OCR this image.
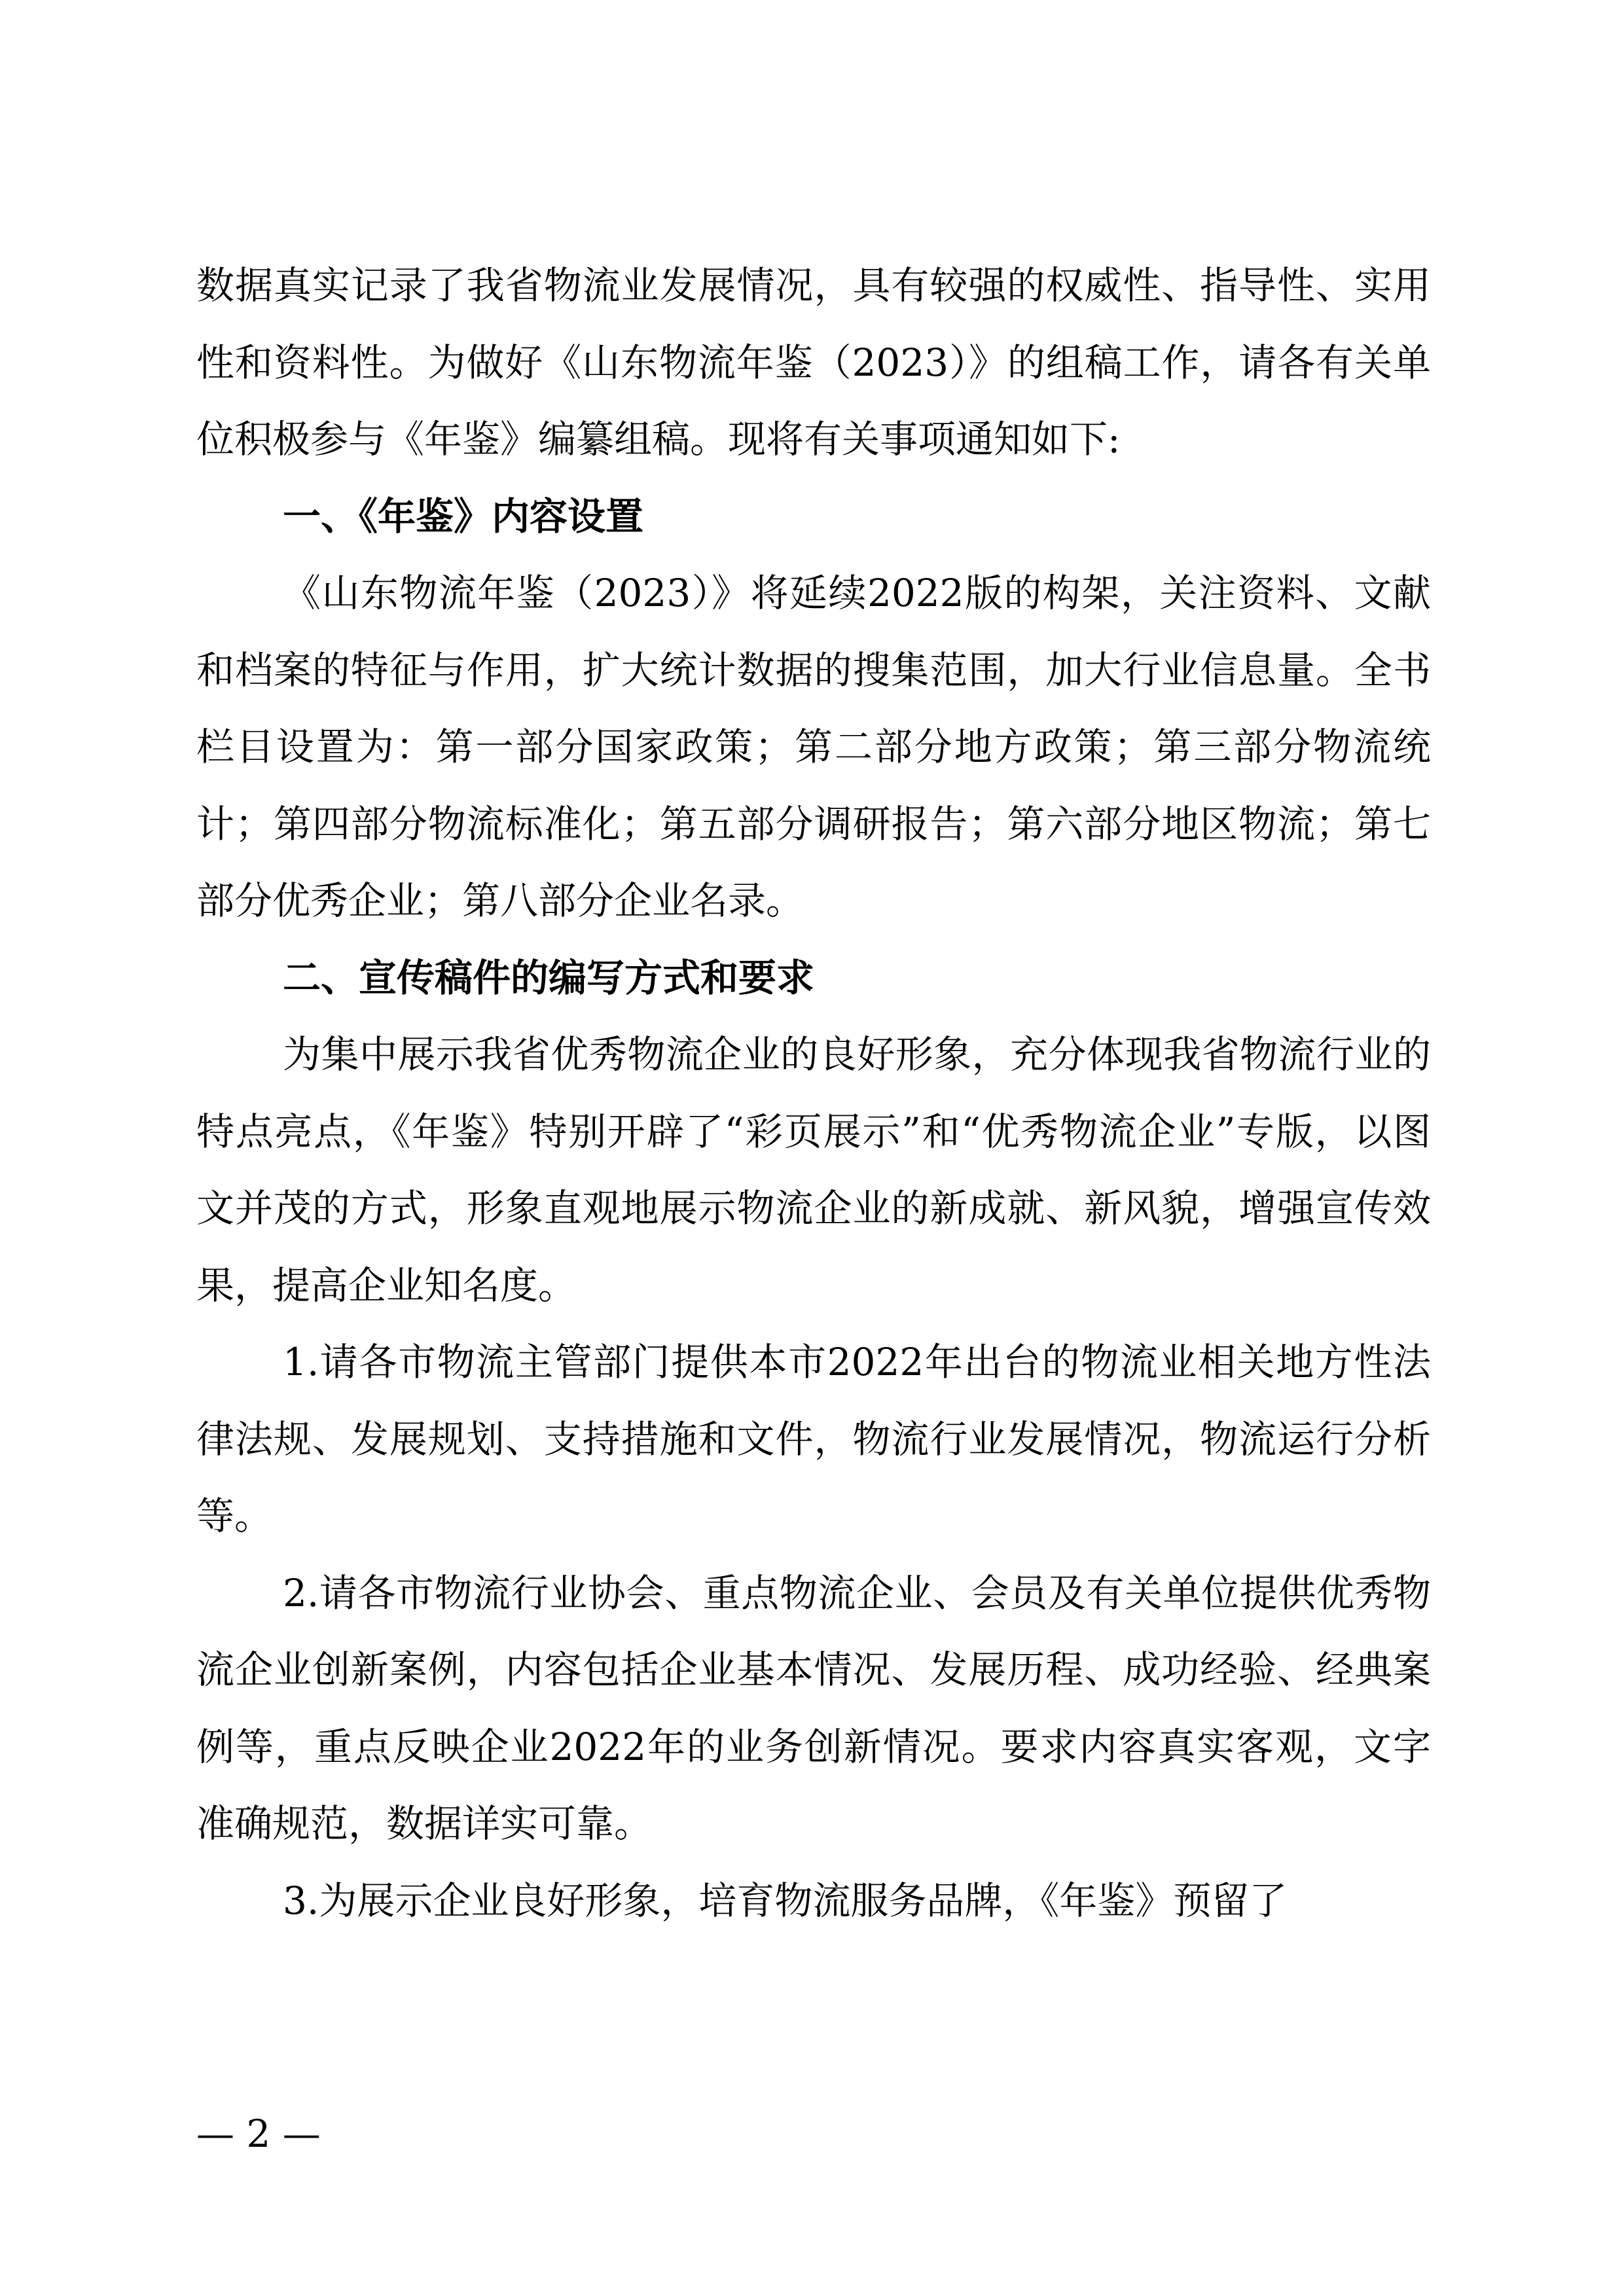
数据真实记录了我省物流业发展情况，具有较强的权威性、指导性、实用性和资料性。为做好《山东物流年鉴（2023）》的组稿工作，请各有关单位积极参与《年鉴》编纂组稿。现将有关事项通知如下:

一、《年鉴》内容设置

《山东物流年鉴（2023）》将延续2022版的构架，关注资料、文献和档案的特征与作用，扩大统计数据的搜集范围，加大行业信息量。全书栏目设置为：第一部分国家政策；第二部分地方政策；第三部分物流统计；第四部分物流标准化；第五部分调研报告；第六部分地区物流；第七部分优秀企业；第八部分企业名录。

二、宣传稿件的编写方式和要求

为集中展示我省优秀物流企业的良好形象，充分体现我省物流行业的特点亮点，《年鉴》特别开辟了“彩页展示”和“优秀物流企业”专版，以图文并茂的方式，形象直观地展示物流企业的新成就、新风貌，增强宣传效果，提高企业知名度。

1.请各市物流主管部门提供本市2022年出台的物流业相关地方性法律法规、发展规划、支持措施和文件，物流行业发展情况，物流运行分析等。

2.请各市物流行业协会、重点物流企业、会员及有关单位提供优秀物流企业创新案例，内容包括企业基本情况、发展历程、成功经验、经典案例等，重点反映企业2022年的业务创新情况。要求内容真实客观，文字准确规范，数据详实可靠。

3.为展示企业良好形象，培育物流服务品牌，《年鉴》预留了

— 2 —
